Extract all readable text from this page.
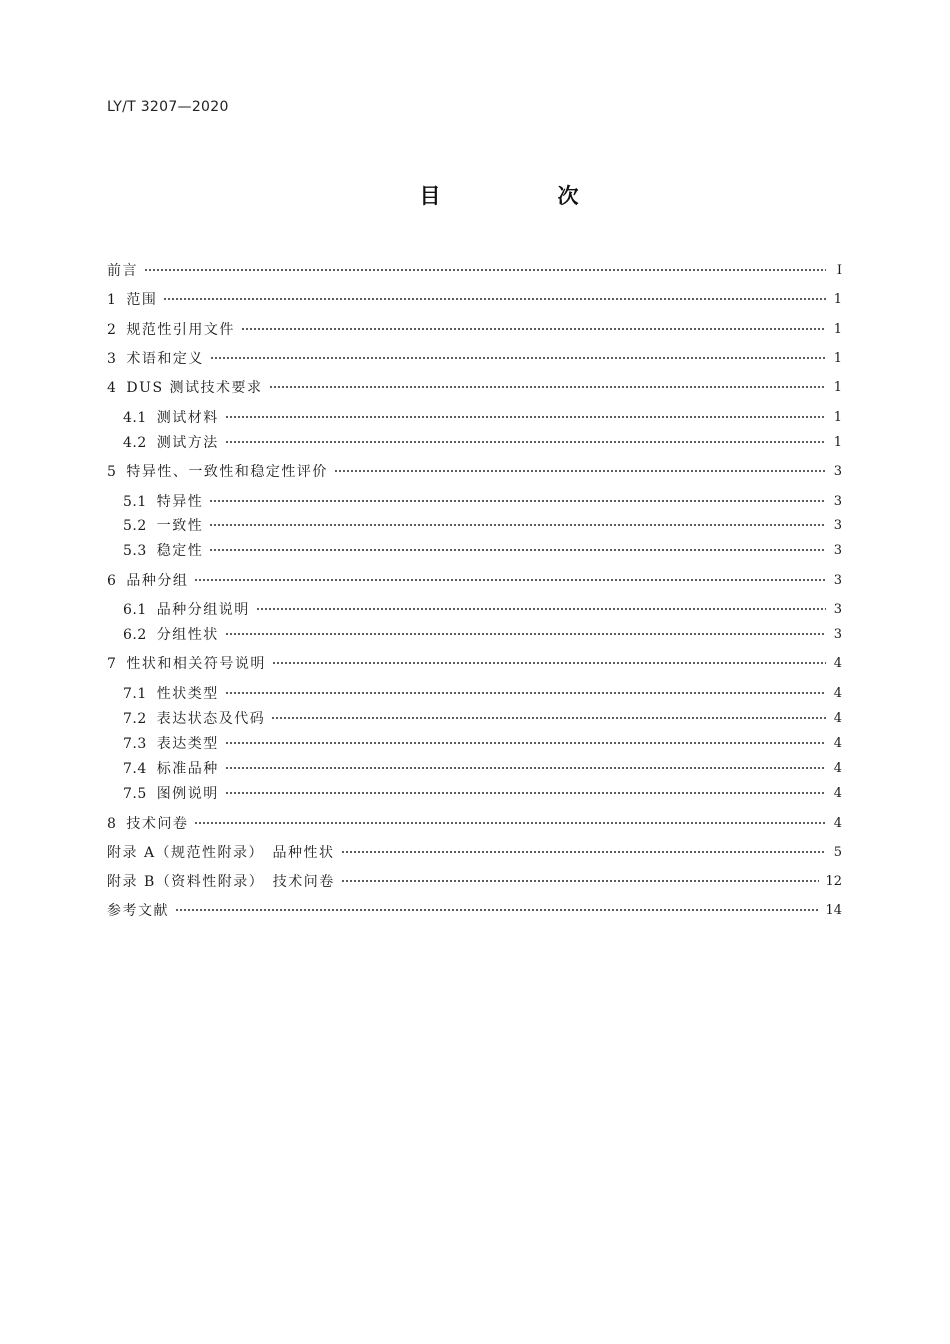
LY/T 3207—2020
目　次
前言	Ⅰ
1 范围	1
2 规范性引用文件	1
3 术语和定义	1
4 DUS 测试技术要求	1
4.1 测试材料	1
4.2 测试方法	1
5 特异性、一致性和稳定性评价	3
5.1 特异性	3
5.2 一致性	3
5.3 稳定性	3
6 品种分组	3
6.1 品种分组说明	3
6.2 分组性状	3
7 性状和相关符号说明	4
7.1 性状类型	4
7.2 表达状态及代码	4
7.3 表达类型	4
7.4 标准品种	4
7.5 图例说明	4
8 技术问卷	4
附录 A（规范性附录）　品种性状	5
附录 B（资料性附录）　技术问卷	12
参考文献	14
